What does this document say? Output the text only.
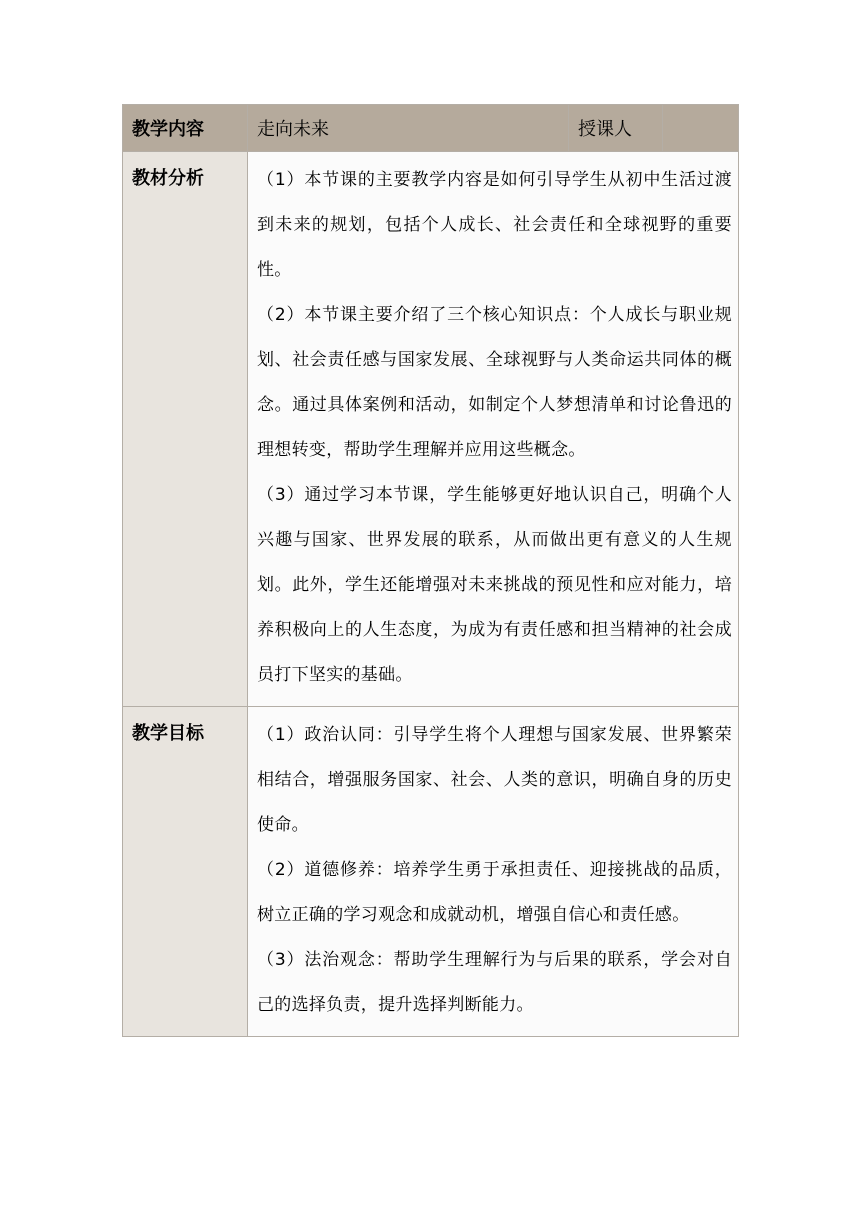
教学内容	走向未来	授课人	
教材分析	（1）本节课的主要教学内容是如何引导学生从初中生活过渡到未来的规划，包括个人成长、社会责任和全球视野的重要性。

（2）本节课主要介绍了三个核心知识点：个人成长与职业规划、社会责任感与国家发展、全球视野与人类命运共同体的概念。通过具体案例和活动，如制定个人梦想清单和讨论鲁迅的理想转变，帮助学生理解并应用这些概念。

（3）通过学习本节课，学生能够更好地认识自己，明确个人兴趣与国家、世界发展的联系，从而做出更有意义的人生规划。此外，学生还能增强对未来挑战的预见性和应对能力，培养积极向上的人生态度，为成为有责任感和担当精神的社会成员打下坚实的基础。		

教学目标	（1）政治认同：引导学生将个人理想与国家发展、世界繁荣相结合，增强服务国家、社会、人类的意识，明确自身的历史使命。

（2）道德修养：培养学生勇于承担责任、迎接挑战的品质，树立正确的学习观念和成就动机，增强自信心和责任感。

（3）法治观念：帮助学生理解行为与后果的联系，学会对自己的选择负责，提升选择判断能力。		
